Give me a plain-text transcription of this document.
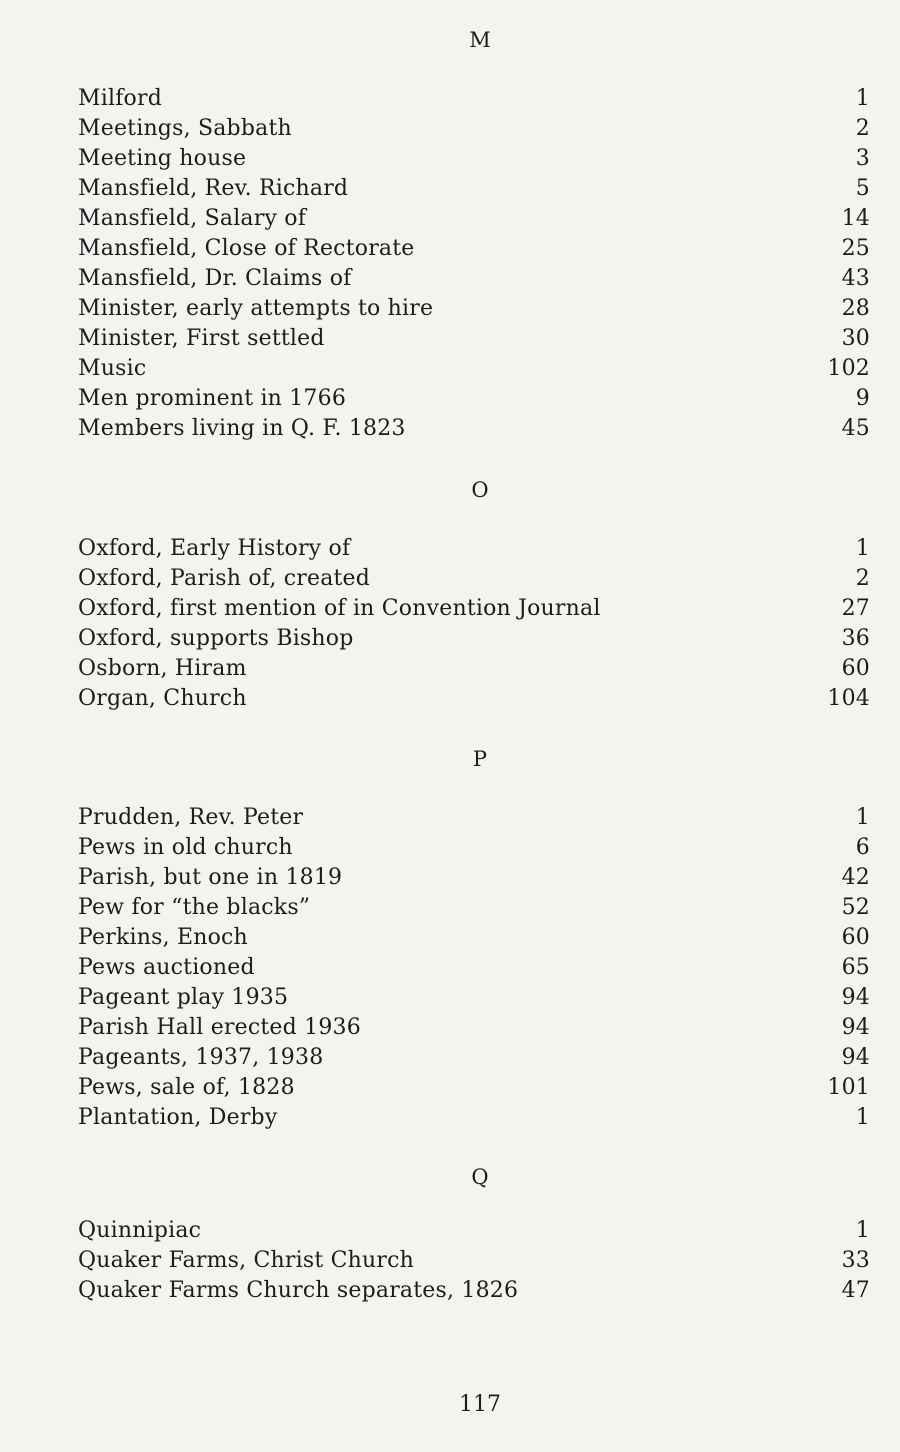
M
Milford	1
Meetings, Sabbath	2
Meeting house	3
Mansfield, Rev. Richard	5
Mansfield, Salary of	14
Mansfield, Close of Rectorate	25
Mansfield, Dr. Claims of	43
Minister, early attempts to hire	28
Minister, First settled	30
Music	102
Men prominent in 1766	9
Members living in Q. F. 1823	45
O
Oxford, Early History of	1
Oxford, Parish of, created	2
Oxford, first mention of in Convention Journal	27
Oxford, supports Bishop	36
Osborn, Hiram	60
Organ, Church	104
P
Prudden, Rev. Peter	1
Pews in old church	6
Parish, but one in 1819	42
Pew for “the blacks”	52
Perkins, Enoch	60
Pews auctioned	65
Pageant play 1935	94
Parish Hall erected 1936	94
Pageants, 1937, 1938	94
Pews, sale of, 1828	101
Plantation, Derby	1
Q
Quinnipiac	1
Quaker Farms, Christ Church	33
Quaker Farms Church separates, 1826	47
117
